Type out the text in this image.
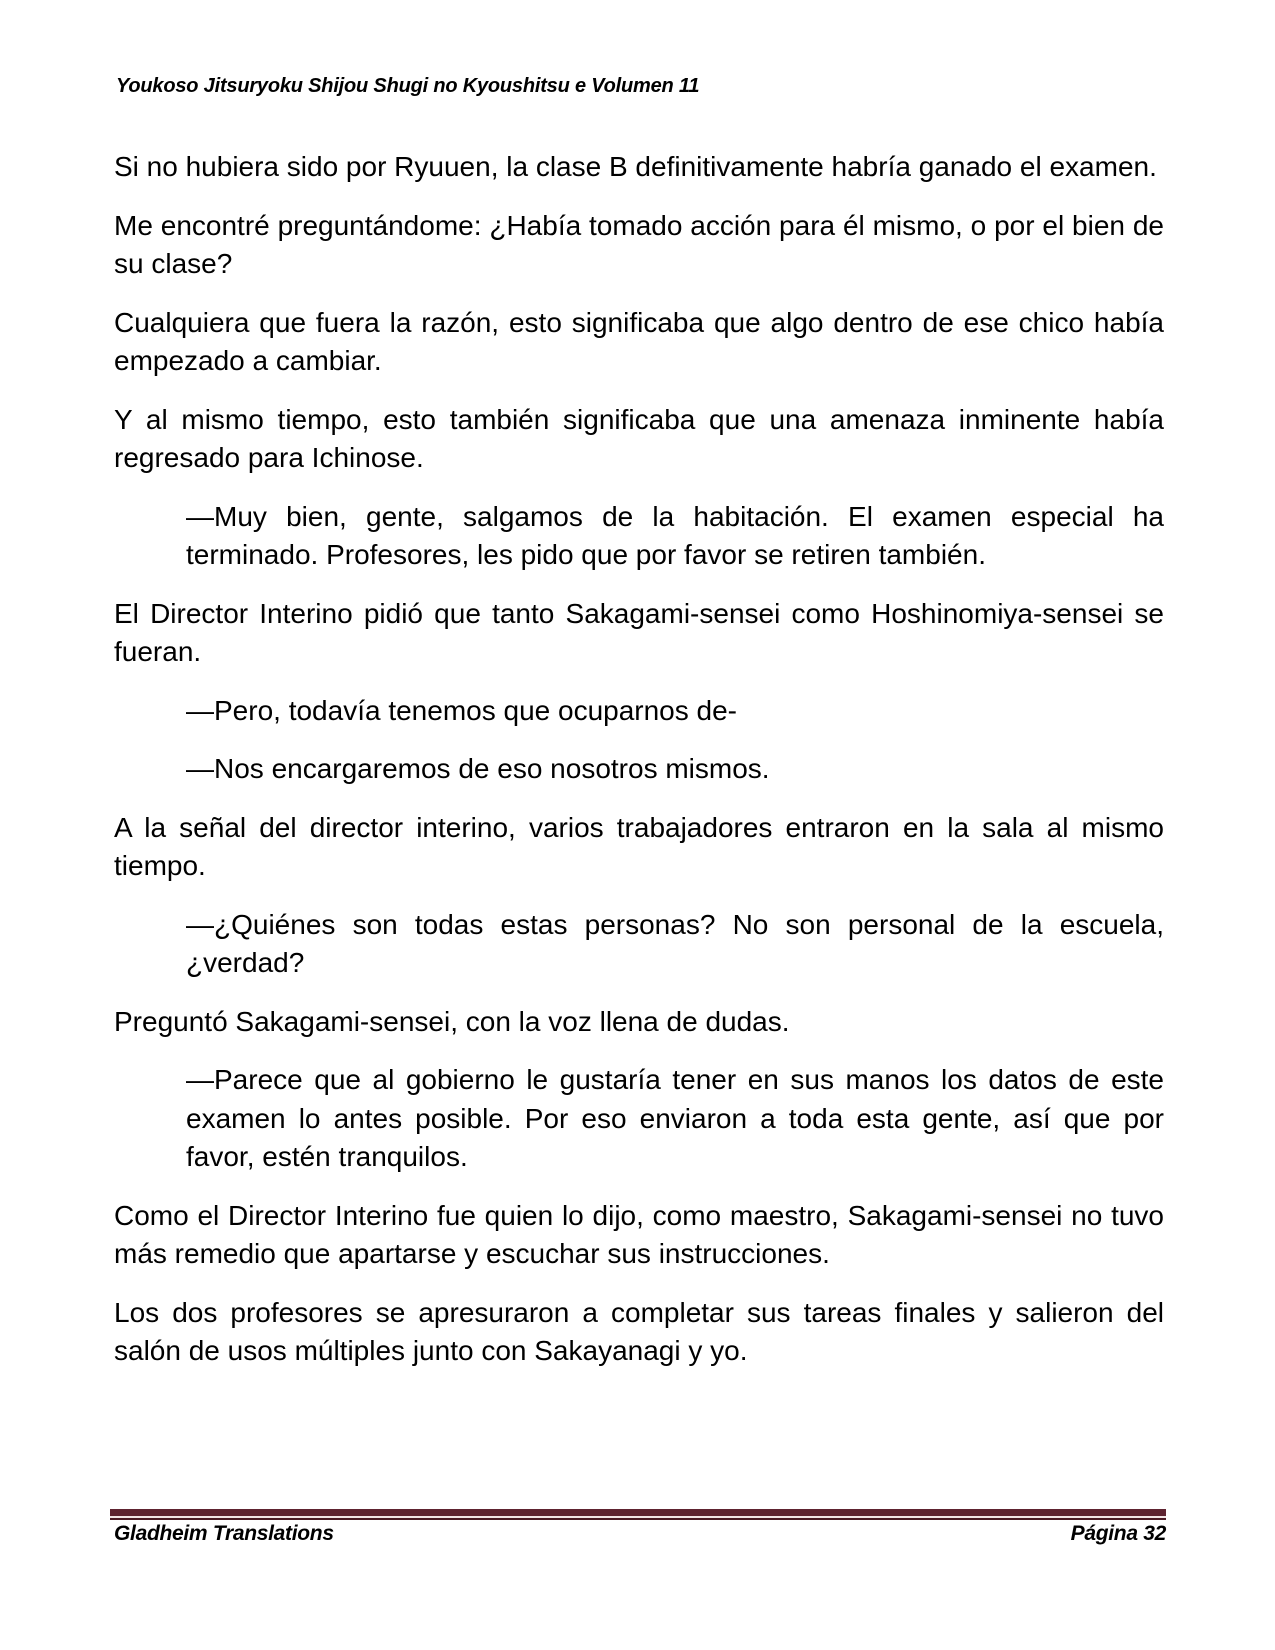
Youkoso Jitsuryoku Shijou Shugi no Kyoushitsu e Volumen 11

Si no hubiera sido por Ryuuen, la clase B definitivamente habría ganado el examen.

Me encontré preguntándome: ¿Había tomado acción para él mismo, o por el bien de su clase?

Cualquiera que fuera la razón, esto significaba que algo dentro de ese chico había empezado a cambiar.

Y al mismo tiempo, esto también significaba que una amenaza inminente había regresado para Ichinose.

—Muy bien, gente, salgamos de la habitación. El examen especial ha terminado. Profesores, les pido que por favor se retiren también.

El Director Interino pidió que tanto Sakagami-sensei como Hoshinomiya-sensei se fueran.

—Pero, todavía tenemos que ocuparnos de-

—Nos encargaremos de eso nosotros mismos.

A la señal del director interino, varios trabajadores entraron en la sala al mismo tiempo.

—¿Quiénes son todas estas personas? No son personal de la escuela, ¿verdad?

Preguntó Sakagami-sensei, con la voz llena de dudas.

—Parece que al gobierno le gustaría tener en sus manos los datos de este examen lo antes posible. Por eso enviaron a toda esta gente, así que por favor, estén tranquilos.

Como el Director Interino fue quien lo dijo, como maestro, Sakagami-sensei no tuvo más remedio que apartarse y escuchar sus instrucciones.

Los dos profesores se apresuraron a completar sus tareas finales y salieron del salón de usos múltiples junto con Sakayanagi y yo.

Gladheim Translations	Página 32
